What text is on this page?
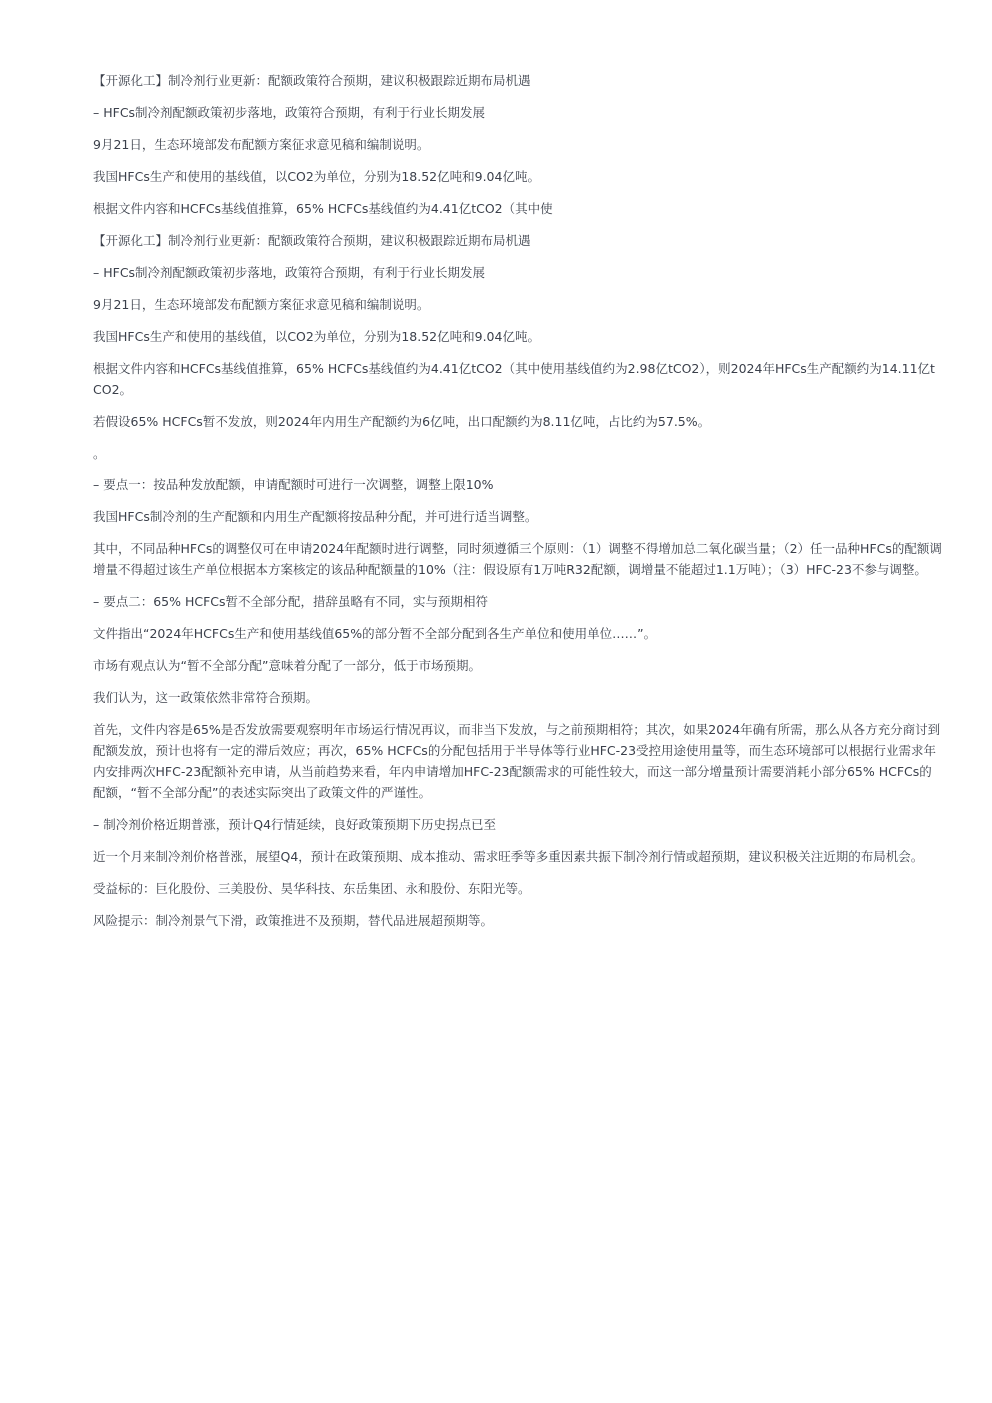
【开源化工】制冷剂行业更新：配额政策符合预期，建议积极跟踪近期布局机遇

– HFCs制冷剂配额政策初步落地，政策符合预期，有利于行业长期发展

9月21日，生态环境部发布配额方案征求意见稿和编制说明。

我国HFCs生产和使用的基线值，以CO2为单位，分别为18.52亿吨和9.04亿吨。

根据文件内容和HCFCs基线值推算，65% HCFCs基线值约为4.41亿tCO2（其中使

【开源化工】制冷剂行业更新：配额政策符合预期，建议积极跟踪近期布局机遇

– HFCs制冷剂配额政策初步落地，政策符合预期，有利于行业长期发展

9月21日，生态环境部发布配额方案征求意见稿和编制说明。

我国HFCs生产和使用的基线值，以CO2为单位，分别为18.52亿吨和9.04亿吨。

根据文件内容和HCFCs基线值推算，65% HCFCs基线值约为4.41亿tCO2（其中使用基线值约为2.98亿tCO2），则2024年HFCs生产配额约为14.11亿tCO2。

若假设65% HCFCs暂不发放，则2024年内用生产配额约为6亿吨，出口配额约为8.11亿吨，占比约为57.5%。

。

– 要点一：按品种发放配额，申请配额时可进行一次调整，调整上限10%

我国HFCs制冷剂的生产配额和内用生产配额将按品种分配，并可进行适当调整。

其中，不同品种HFCs的调整仅可在申请2024年配额时进行调整，同时须遵循三个原则：（1）调整不得增加总二氧化碳当量；（2）任一品种HFCs的配额调增量不得超过该生产单位根据本方案核定的该品种配额量的10%（注：假设原有1万吨R32配额，调增量不能超过1.1万吨）；（3）HFC-23不参与调整。

– 要点二：65% HCFCs暂不全部分配，措辞虽略有不同，实与预期相符

文件指出“2024年HCFCs生产和使用基线值65%的部分暂不全部分配到各生产单位和使用单位……”。

市场有观点认为“暂不全部分配”意味着分配了一部分，低于市场预期。

我们认为，这一政策依然非常符合预期。

首先，文件内容是65%是否发放需要观察明年市场运行情况再议，而非当下发放，与之前预期相符；其次，如果2024年确有所需，那么从各方充分商讨到配额发放，预计也将有一定的滞后效应；再次，65% HCFCs的分配包括用于半导体等行业HFC-23受控用途使用量等，而生态环境部可以根据行业需求年内安排两次HFC-23配额补充申请，从当前趋势来看，年内申请增加HFC-23配额需求的可能性较大，而这一部分增量预计需要消耗小部分65% HCFCs的配额，“暂不全部分配”的表述实际突出了政策文件的严谨性。

– 制冷剂价格近期普涨，预计Q4行情延续，良好政策预期下历史拐点已至

近一个月来制冷剂价格普涨，展望Q4，预计在政策预期、成本推动、需求旺季等多重因素共振下制冷剂行情或超预期，建议积极关注近期的布局机会。

受益标的：巨化股份、三美股份、昊华科技、东岳集团、永和股份、东阳光等。

风险提示：制冷剂景气下滑，政策推进不及预期，替代品进展超预期等。
